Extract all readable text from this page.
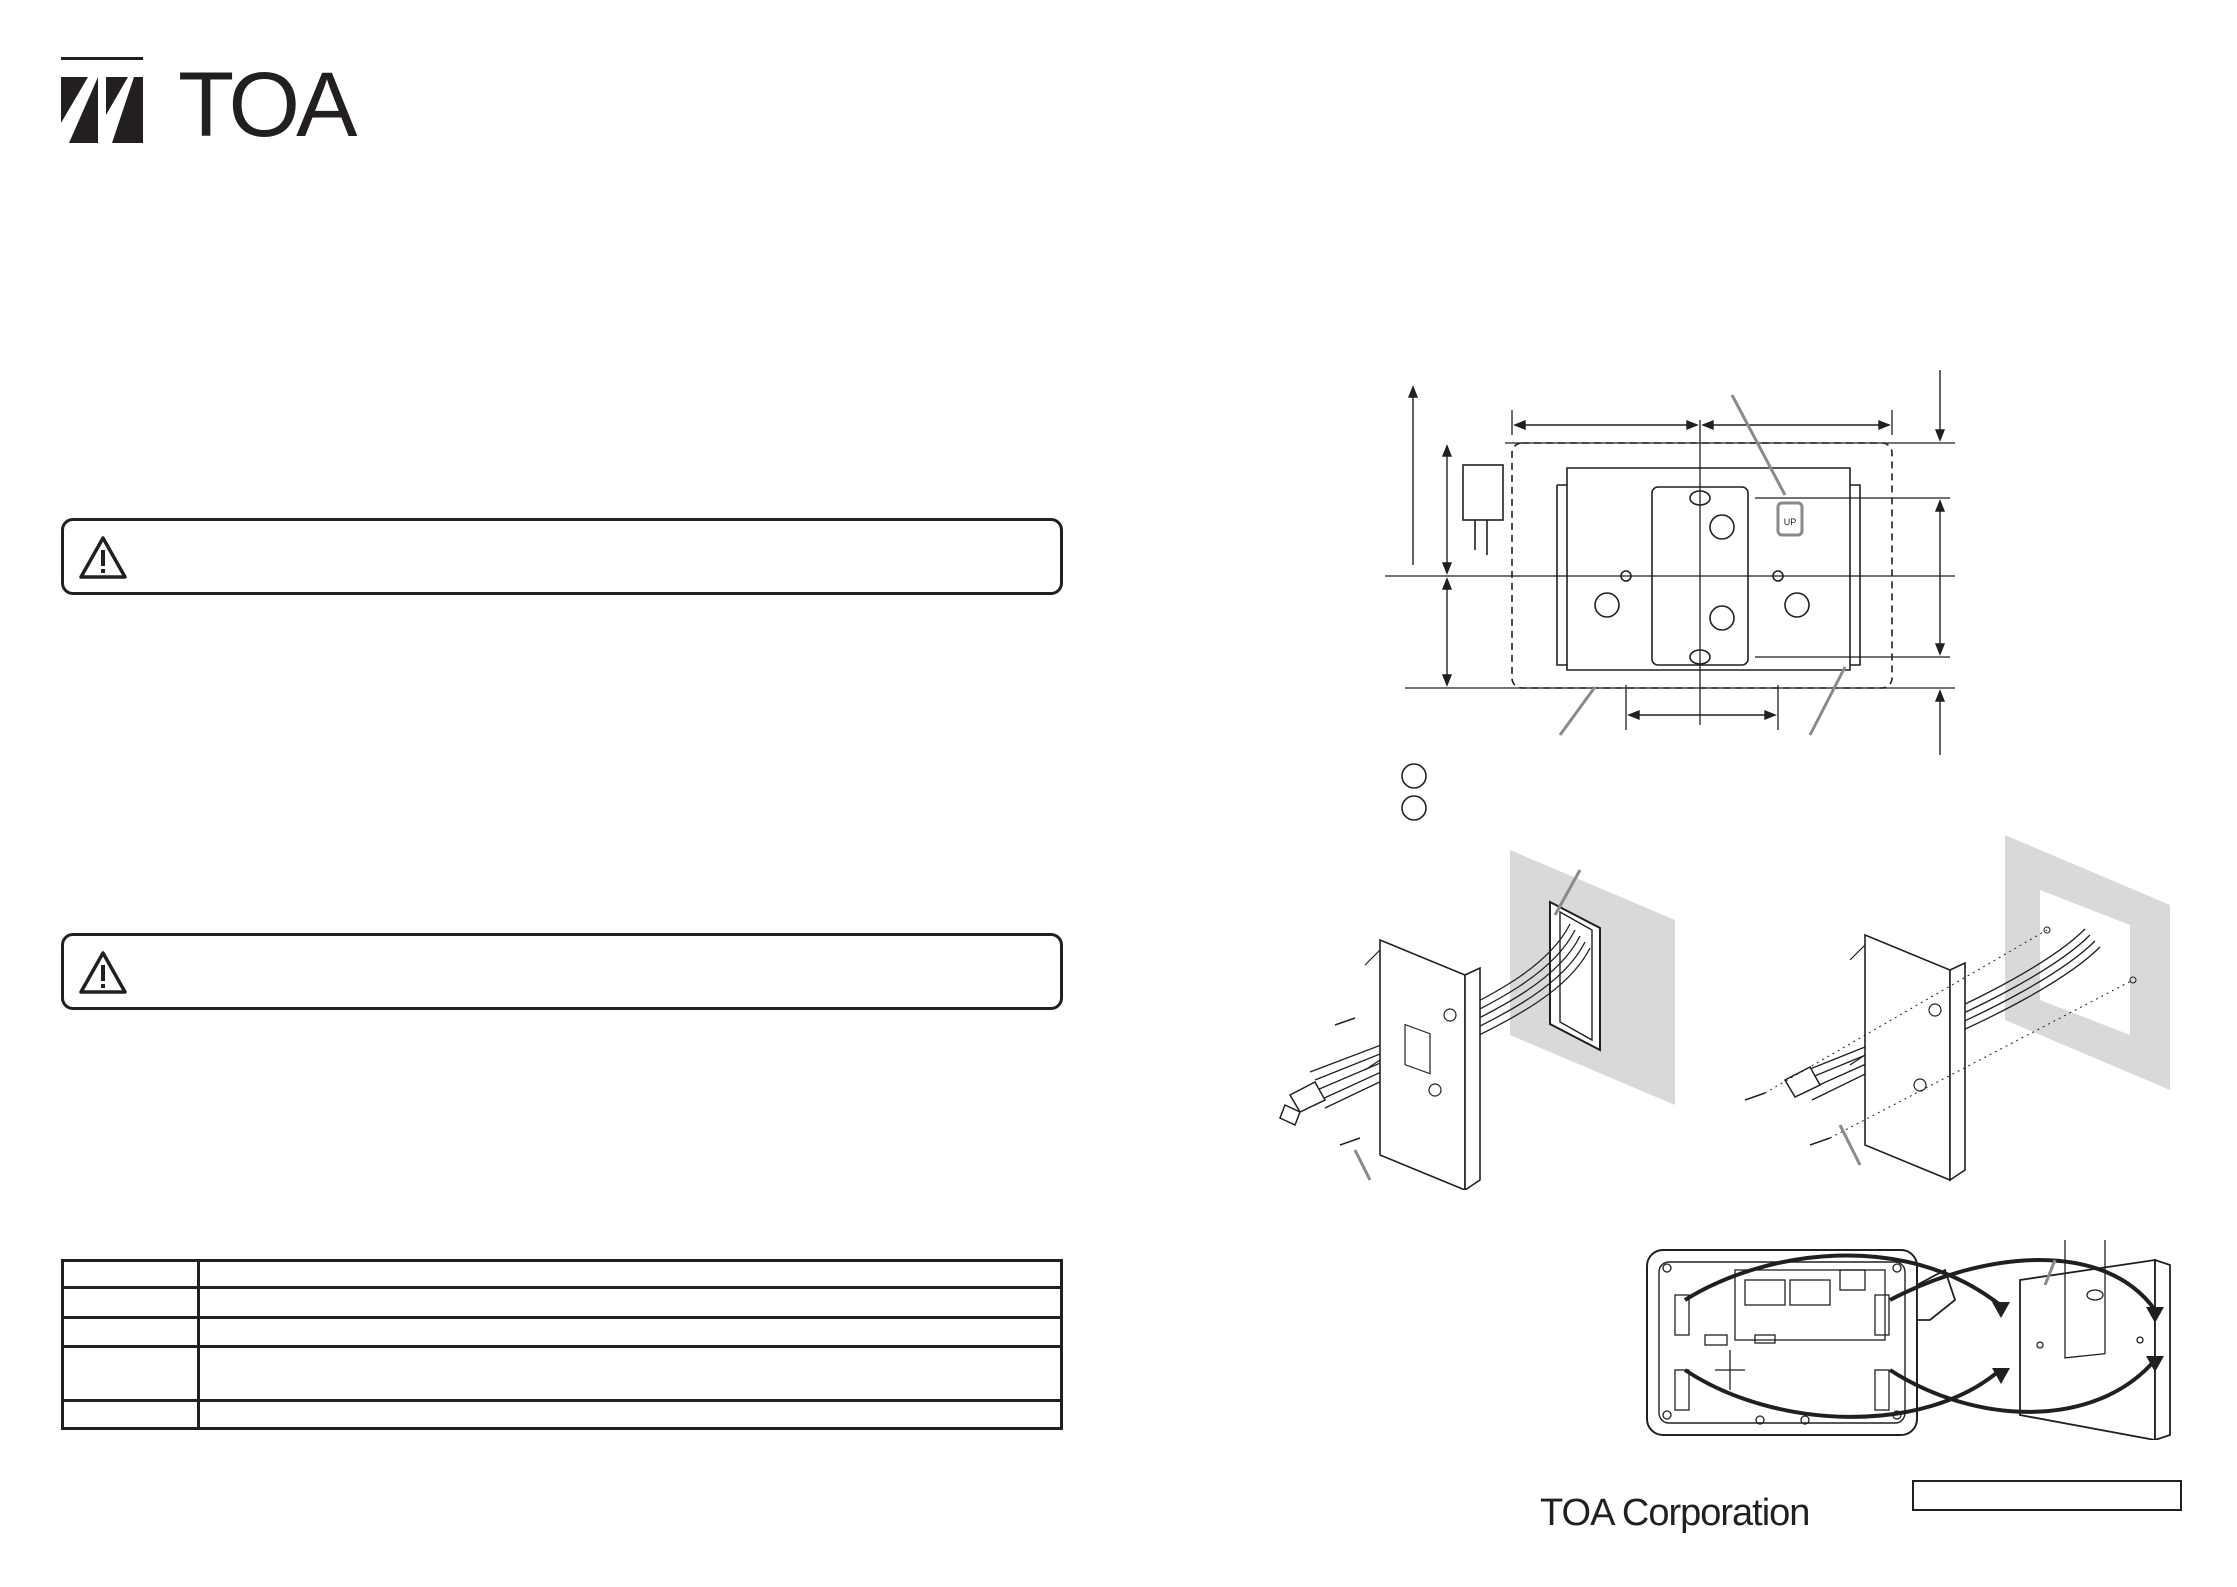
TOA

UP
TOA Corporation
